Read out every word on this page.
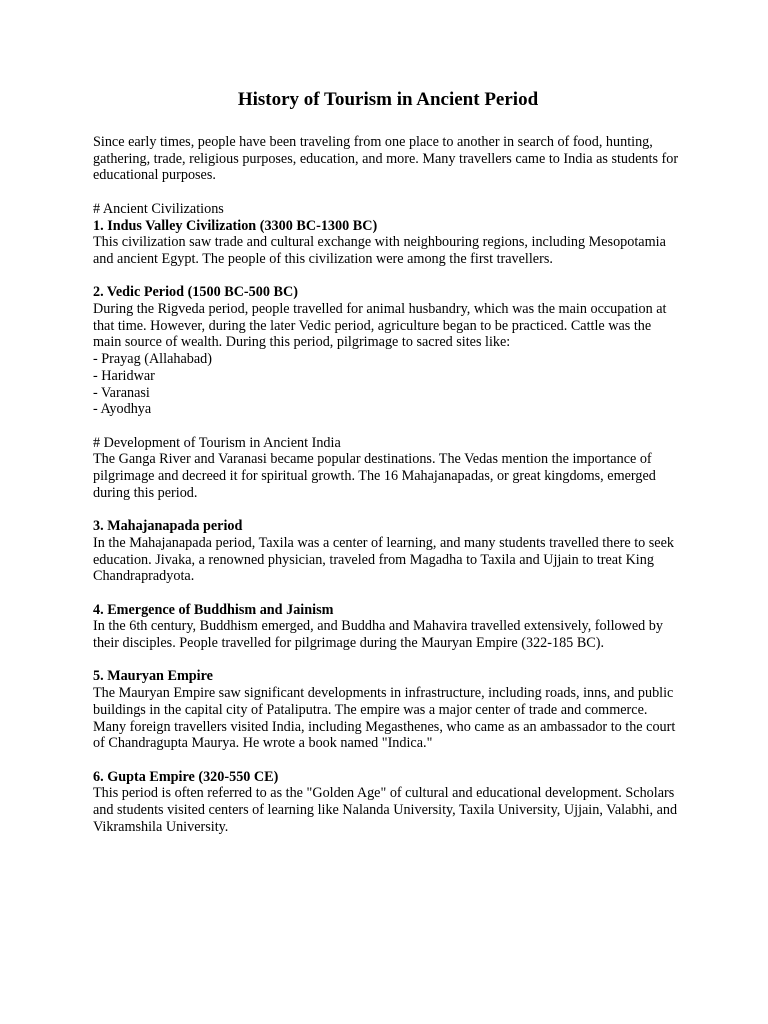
History of Tourism in Ancient Period

Since early times, people have been traveling from one place to another in search of food, hunting, gathering, trade, religious purposes, education, and more. Many travellers came to India as students for educational purposes.

# Ancient Civilizations

1. Indus Valley Civilization (3300 BC-1300 BC)

This civilization saw trade and cultural exchange with neighbouring regions, including Mesopotamia and ancient Egypt. The people of this civilization were among the first travellers.

2. Vedic Period (1500 BC-500 BC)

During the Rigveda period, people travelled for animal husbandry, which was the main occupation at that time. However, during the later Vedic period, agriculture began to be practiced. Cattle was the main source of wealth. During this period, pilgrimage to sacred sites like:

- Prayag (Allahabad)
- Haridwar
- Varanasi
- Ayodhya

# Development of Tourism in Ancient India

The Ganga River and Varanasi became popular destinations. The Vedas mention the importance of pilgrimage and decreed it for spiritual growth. The 16 Mahajanapadas, or great kingdoms, emerged during this period.

3. Mahajanapada period

In the Mahajanapada period, Taxila was a center of learning, and many students travelled there to seek education. Jivaka, a renowned physician, traveled from Magadha to Taxila and Ujjain to treat King Chandrapradyota.

4. Emergence of Buddhism and Jainism

In the 6th century, Buddhism emerged, and Buddha and Mahavira travelled extensively, followed by their disciples. People travelled for pilgrimage during the Mauryan Empire (322-185 BC).

5. Mauryan Empire

The Mauryan Empire saw significant developments in infrastructure, including roads, inns, and public buildings in the capital city of Pataliputra. The empire was a major center of trade and commerce. Many foreign travellers visited India, including Megasthenes, who came as an ambassador to the court of Chandragupta Maurya. He wrote a book named "Indica."

6. Gupta Empire (320-550 CE)

This period is often referred to as the "Golden Age" of cultural and educational development. Scholars and students visited centers of learning like Nalanda University, Taxila University, Ujjain, Valabhi, and Vikramshila University.
